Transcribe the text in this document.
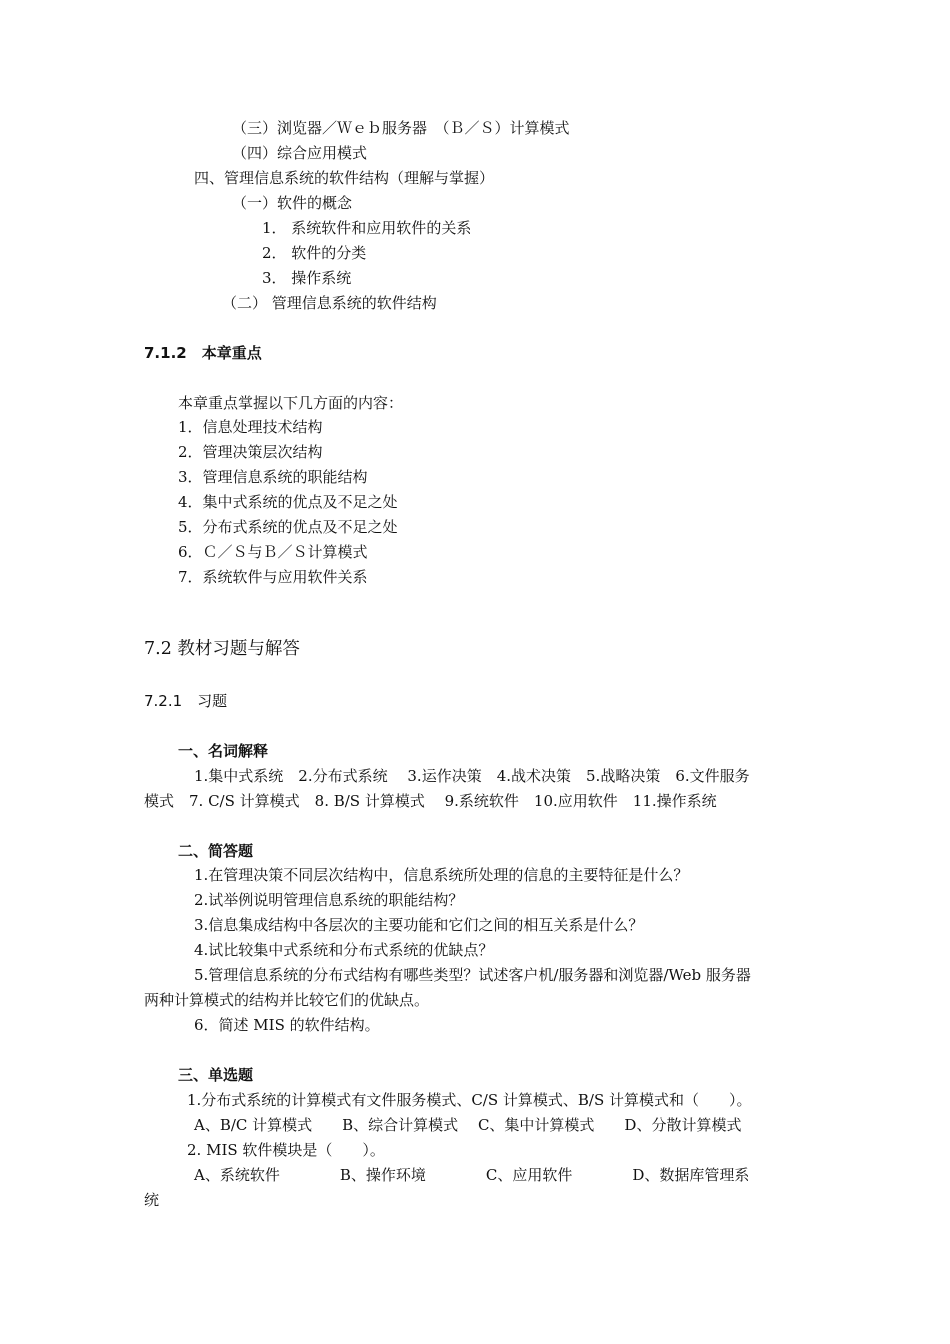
（三）浏览器／Ｗｅｂ服务器　（Ｂ／Ｓ）计算模式
（四）综合应用模式
四、管理信息系统的软件结构（理解与掌握）
（一）软件的概念
1． 系统软件和应用软件的关系
2． 软件的分类
3． 操作系统
（二） 管理信息系统的软件结构
7.1.2　本章重点
本章重点掌握以下几方面的内容：
1．信息处理技术结构
2．管理决策层次结构
3．管理信息系统的职能结构
4．集中式系统的优点及不足之处
5．分布式系统的优点及不足之处
6．Ｃ／Ｓ与Ｂ／Ｓ计算模式
7．系统软件与应用软件关系
7.2 教材习题与解答
7.2.1　习题
一、名词解释
1.集中式系统　2.分布式系统　 3.运作决策　4.战术决策　5.战略决策　6.文件服务
模式　7. C/S 计算模式　8. B/S 计算模式　 9.系统软件　10.应用软件　11.操作系统
二、简答题
1.在管理决策不同层次结构中，信息系统所处理的信息的主要特征是什么？
2.试举例说明管理信息系统的职能结构？
3.信息集成结构中各层次的主要功能和它们之间的相互关系是什么？
4.试比较集中式系统和分布式系统的优缺点？
5.管理信息系统的分布式结构有哪些类型？试述客户机/服务器和浏览器/Web 服务器
两种计算模式的结构并比较它们的优缺点。
6．简述 MIS 的软件结构。
三、单选题
1.分布式系统的计算模式有文件服务模式、C/S 计算模式、B/S 计算模式和（　　）。
A、B/C 计算模式　　B、综合计算模式　 C、集中计算模式　　D、分散计算模式
2. MIS 软件模块是（　　）。
A、系统软件　　　　B、操作环境　　　　C、应用软件　　　　D、数据库管理系
统
